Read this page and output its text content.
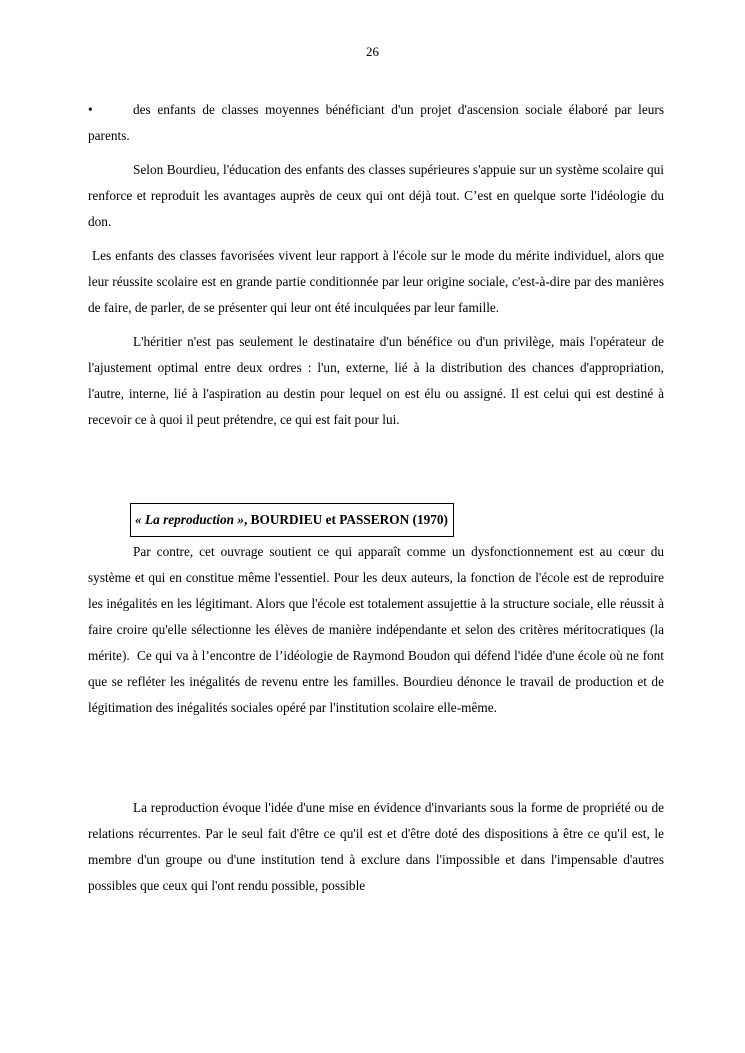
26

•	des enfants de classes moyennes bénéficiant d'un projet d'ascension sociale élaboré par leurs parents.

Selon Bourdieu, l'éducation des enfants des classes supérieures s'appuie sur un système scolaire qui renforce et reproduit les avantages auprès de ceux qui ont déjà tout. C’est en quelque sorte l'idéologie du don.

Les enfants des classes favorisées vivent leur rapport à l'école sur le mode du mérite individuel, alors que leur réussite scolaire est en grande partie conditionnée par leur origine sociale, c'est-à-dire par des manières de faire, de parler, de se présenter qui leur ont été inculquées par leur famille.

L'héritier n'est pas seulement le destinataire d'un bénéfice ou d'un privilège, mais l'opérateur de l'ajustement optimal entre deux ordres : l'un, externe, lié à la distribution des chances d'appropriation, l'autre, interne, lié à l'aspiration au destin pour lequel on est élu ou assigné. Il est celui qui est destiné à recevoir ce à quoi il peut prétendre, ce qui est fait pour lui.

« La reproduction », BOURDIEU et PASSERON (1970)

Par contre, cet ouvrage soutient ce qui apparaît comme un dysfonctionnement est au cœur du système et qui en constitue même l'essentiel. Pour les deux auteurs, la fonction de l'école est de reproduire les inégalités en les légitimant. Alors que l'école est totalement assujettie à la structure sociale, elle réussit à faire croire qu'elle sélectionne les élèves de manière indépendante et selon des critères méritocratiques (la mérite).  Ce qui va à l’encontre de l’idéologie de Raymond Boudon qui défend l'idée d'une école où ne font que se refléter les inégalités de revenu entre les familles. Bourdieu dénonce le travail de production et de légitimation des inégalités sociales opéré par l'institution scolaire elle-même.

La reproduction évoque l'idée d'une mise en évidence d'invariants sous la forme de propriété ou de relations récurrentes. Par le seul fait d'être ce qu'il est et d'être doté des dispositions à être ce qu'il est, le membre d'un groupe ou d'une institution tend à exclure dans l'impossible et dans l'impensable d'autres possibles que ceux qui l'ont rendu possible, possible
